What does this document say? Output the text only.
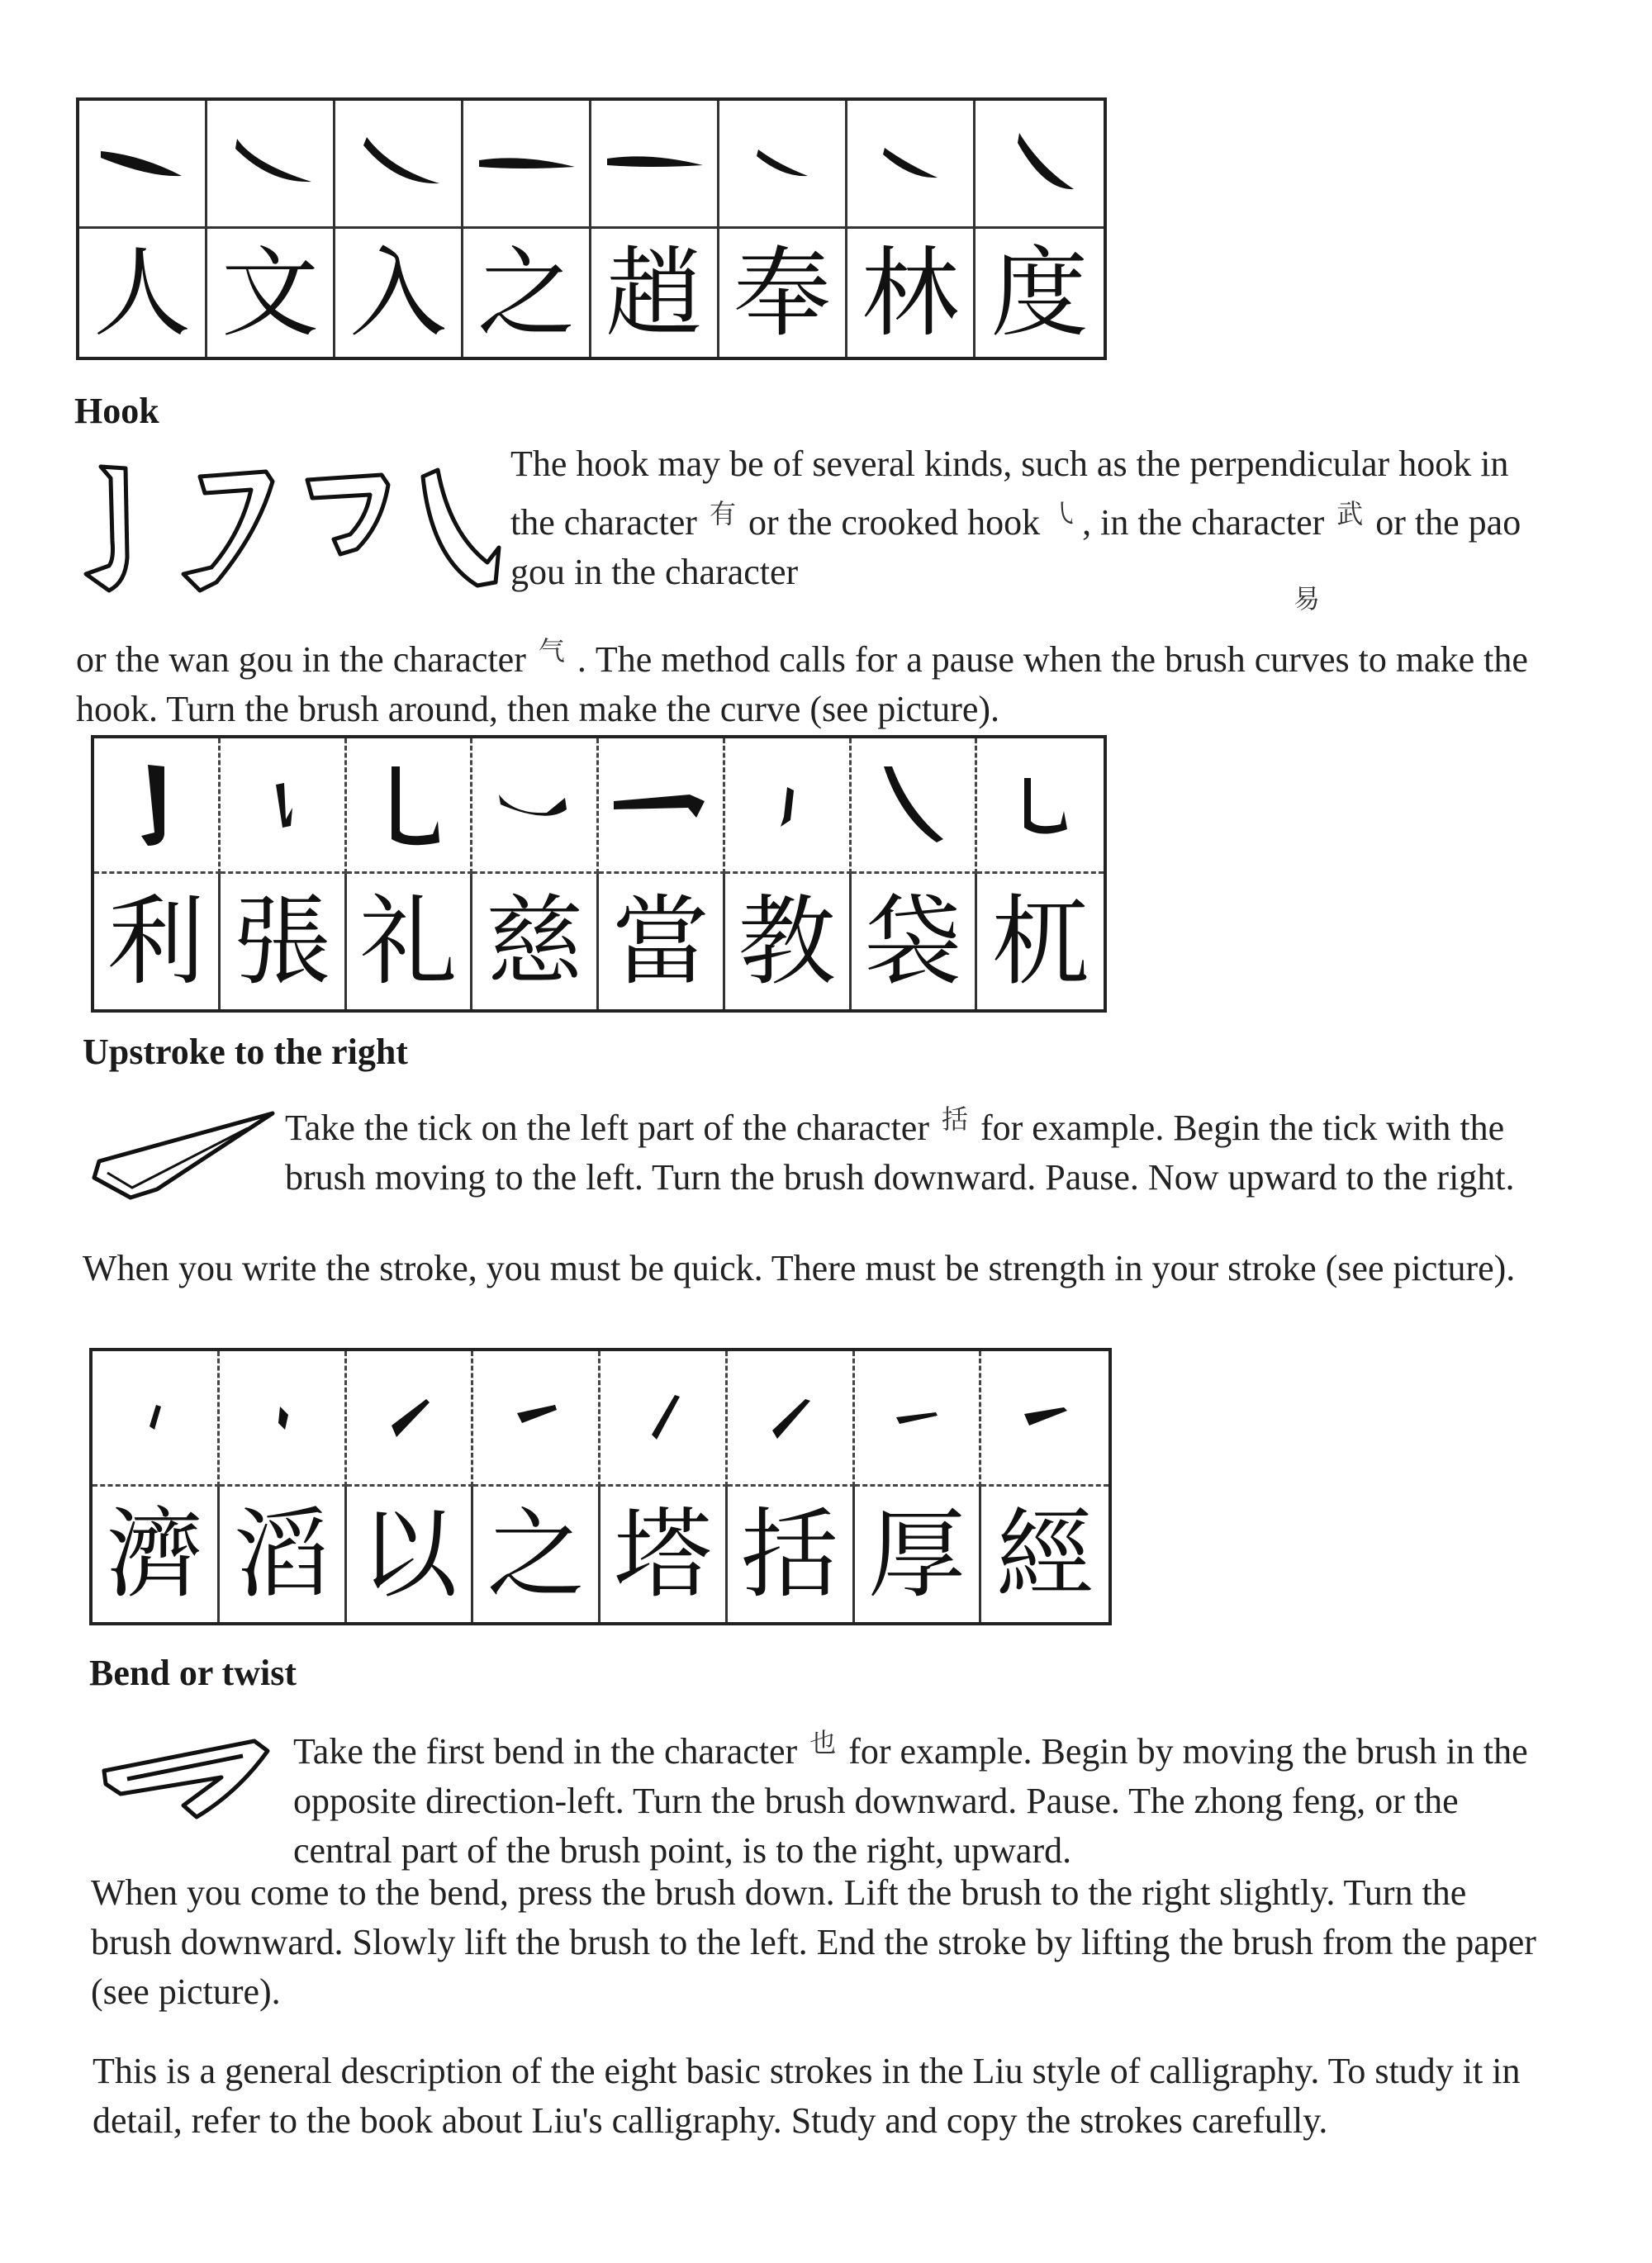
人 文 入 之 趙 奉 林 度
Hook
The hook may be of several kinds, such as the perpendicular hook in the character $^有$ or the crooked hook ㇂, in the character $^武$ or the pao gou in the character
or the wan gou in the character $^气$ . The method calls for a pause when the brush curves to make the hook. Turn the brush around, then make the curve (see picture).
易
利 張 礼 慈 當 教 袋 杌
Upstroke to the right
Take the tick on the left part of the character $^括$ for example. Begin the tick with the brush moving to the left. Turn the brush downward. Pause. Now upward to the right.

When you write the stroke, you must be quick. There must be strength in your stroke (see picture).

濟 滔 以 之 塔 括 厚 經
Bend or twist
Take the first bend in the character $^也$ for example. Begin by moving the brush in the opposite direction-left. Turn the brush downward. Pause. The zhong feng, or the central part of the brush point, is to the right, upward.

When you come to the bend, press the brush down. Lift the brush to the right slightly. Turn the brush downward. Slowly lift the brush to the left. End the stroke by lifting the brush from the paper (see picture).

This is a general description of the eight basic strokes in the Liu style of calligraphy. To study it in detail, refer to the book about Liu's calligraphy. Study and copy the strokes carefully.
